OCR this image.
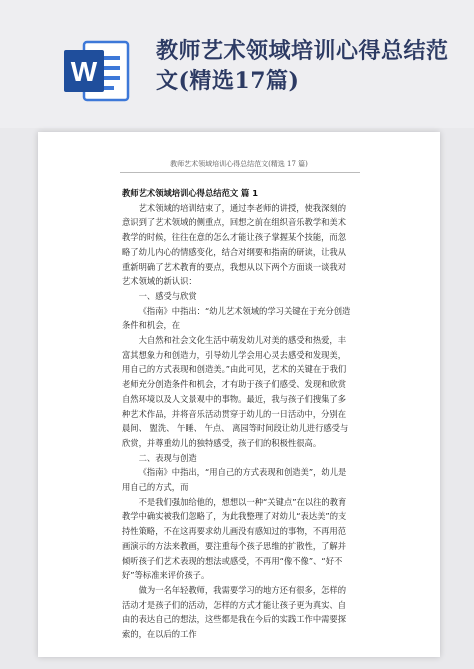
W
教师艺术领域培训心得总结范文(精选17篇)
教师艺术领域培训心得总结范文(精选 17 篇)

教师艺术领域培训心得总结范文 篇 1

艺术领域的培训结束了，通过李老师的讲授，使我深刻的意识到了艺术领域的侧重点，回想之前在组织音乐教学和美术教学的时候，往往在意的怎么才能让孩子掌握某个技能，而忽略了幼儿内心的情感变化，结合对纲要和指南的研读，让我从重新明确了艺术教育的要点，我想从以下两个方面谈一谈我对艺术领域的新认识：

一、感受与欣赏

《指南》中指出：“幼儿艺术领域的学习关键在于充分创造条件和机会，在

大自然和社会文化生活中萌发幼儿对美的感受和热爱，丰富其想象力和创造力，引导幼儿学会用心灵去感受和发现美，用自己的方式表现和创造美。”由此可见，艺术的关键在于我们老师充分创造条件和机会，才有助于孩子们感受、发现和欣赏自然环境以及人文景观中的事物。最近，我与孩子们搜集了多种艺术作品，并将音乐活动贯穿于幼儿的一日活动中，分别在晨间、 盥洗、 午睡、 午点、 离园等时间段让幼儿进行感受与欣赏，并尊重幼儿的独特感受，孩子们的积极性很高。

二、表现与创造

《指南》中指出，“用自己的方式表现和创造美”，幼儿是用自己的方式，而

不是我们强加给他的，想想以一种“关键点”在以往的教育教学中确实被我们忽略了，为此我整理了对幼儿“表达美”的支持性策略，不在这再要求幼儿画没有感知过的事物，不再用范画演示的方法来教画，要注重每个孩子思维的扩散性，了解并倾听孩子们艺术表现的想法或感受，不再用“像不像”、“好不好”等标准来评价孩子。

做为一名年轻教师，我需要学习的地方还有很多，怎样的活动才是孩子们的活动，怎样的方式才能让孩子更为真实、自由的表达自己的想法，这些都是我在今后的实践工作中需要探索的，在以后的工作
